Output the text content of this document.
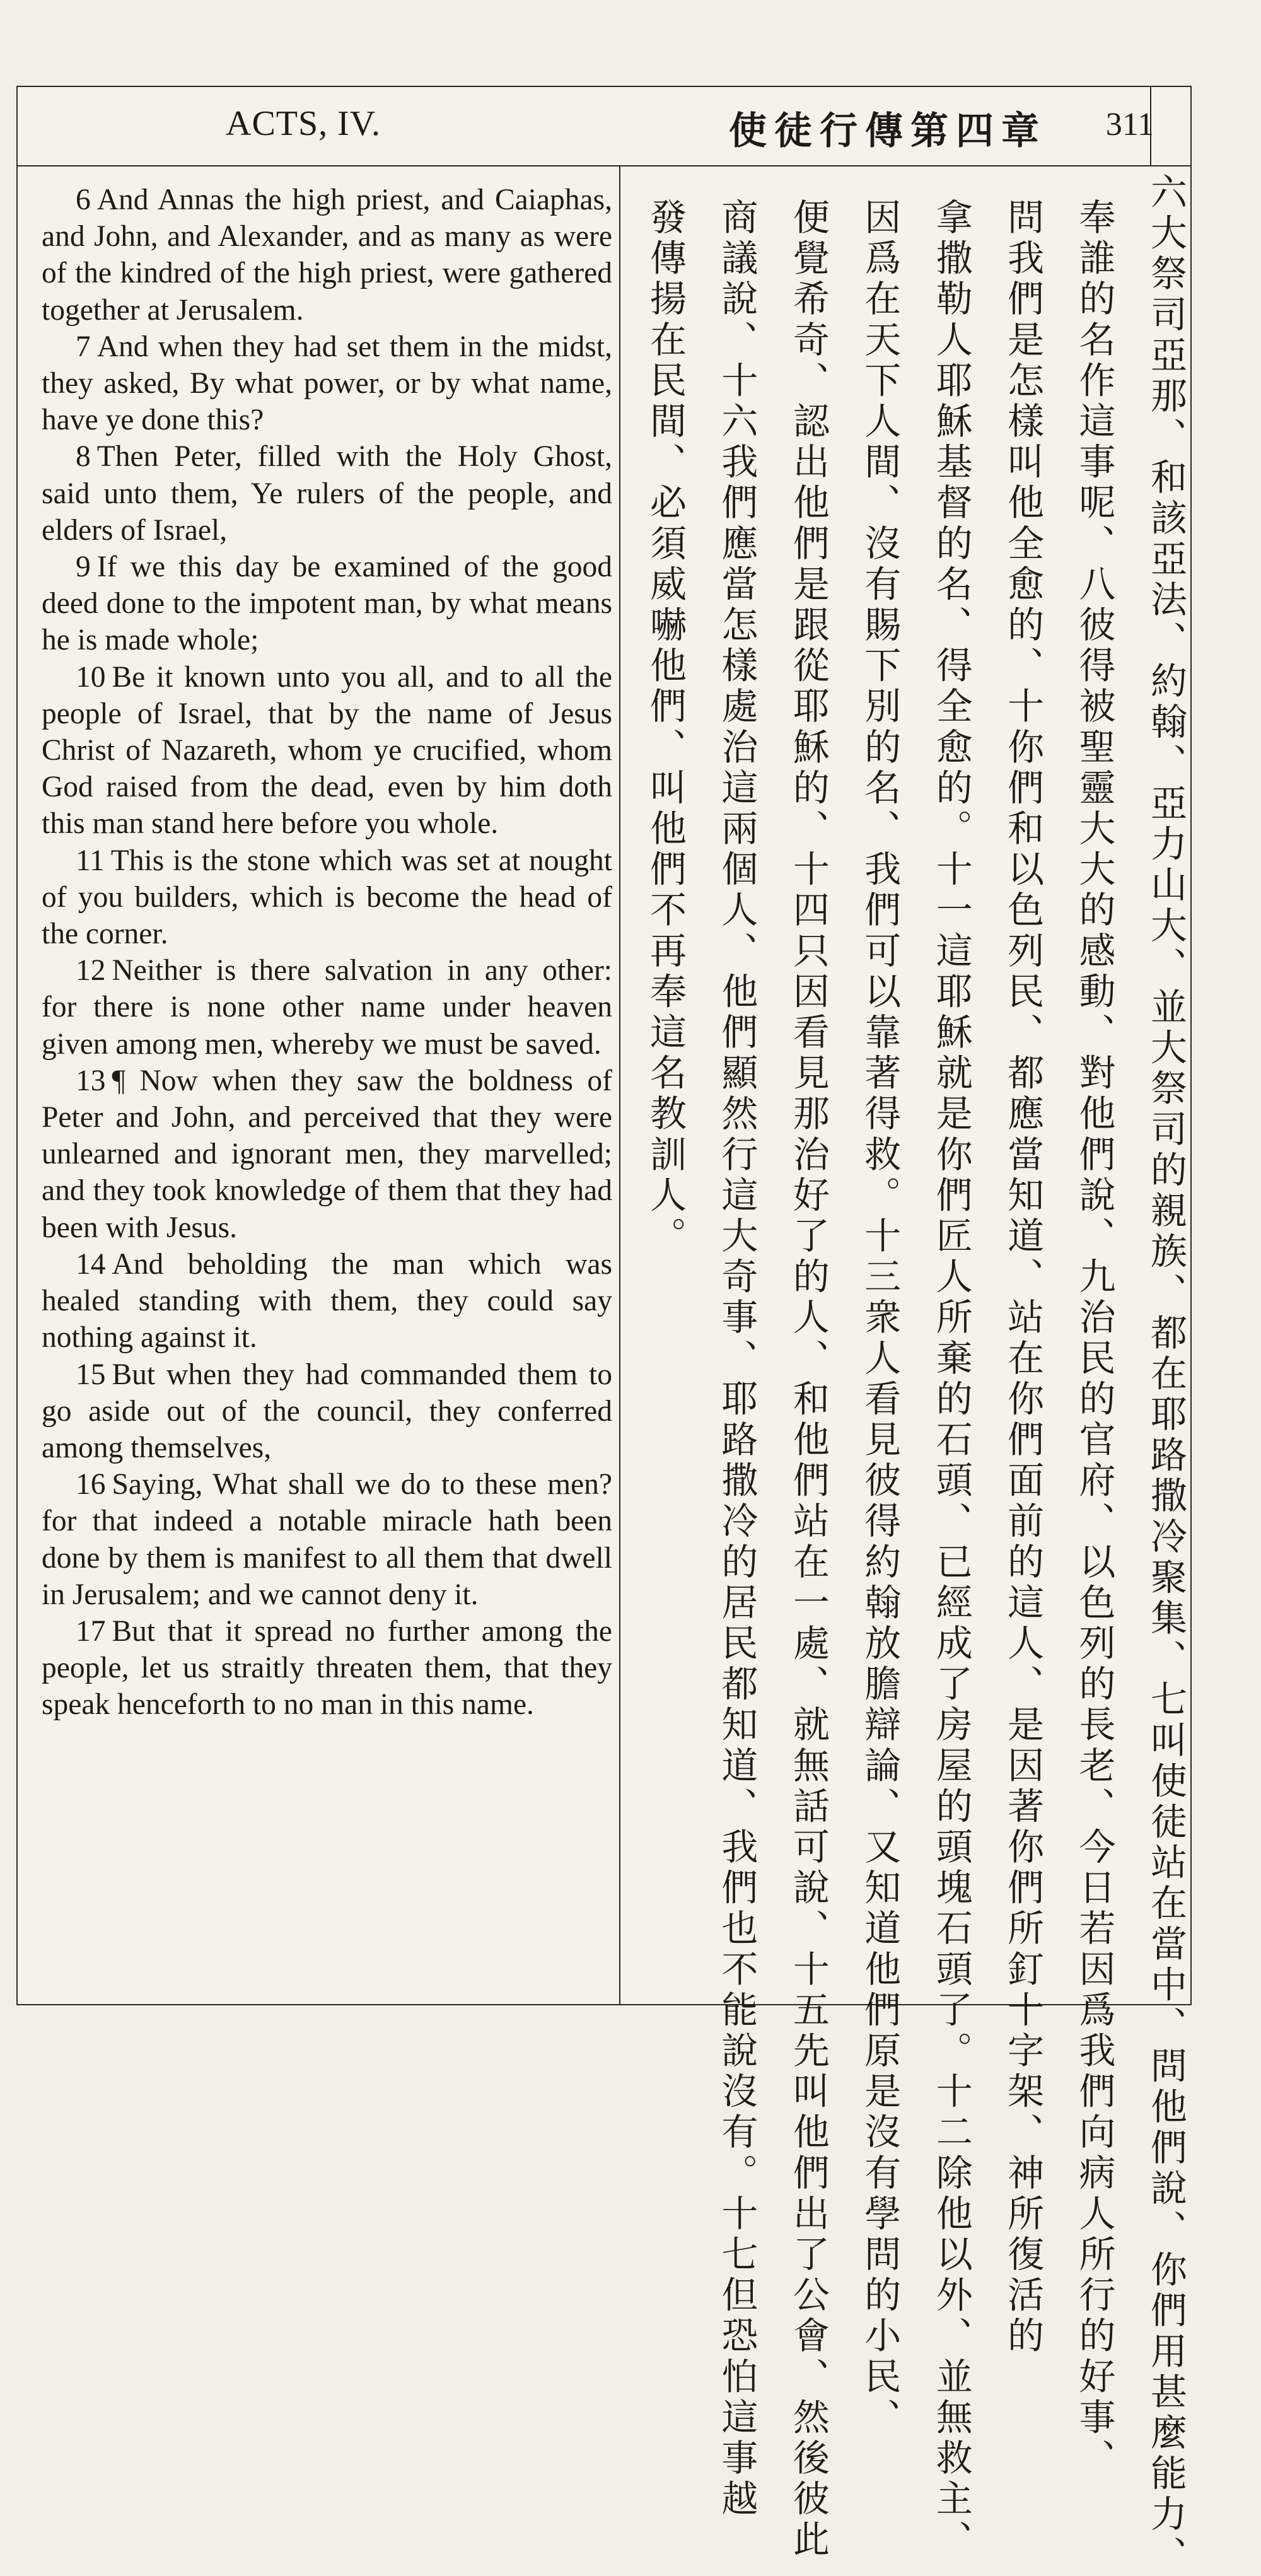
ACTS, IV.	使徒行傳第四章 311

6 And Annas the high priest, and Caiaphas, and John, and Alexander, and as many as were of the kindred of the high priest, were gathered together at Jerusalem.

7 And when they had set them in the midst, they asked, By what power, or by what name, have ye done this?

8 Then Peter, filled with the Holy Ghost, said unto them, Ye rulers of the people, and elders of Israel,

9 If we this day be examined of the good deed done to the impotent man, by what means he is made whole;

10 Be it known unto you all, and to all the people of Israel, that by the name of Jesus Christ of Nazareth, whom ye crucified, whom God raised from the dead, even by him doth this man stand here before you whole.

11 This is the stone which was set at nought of you builders, which is become the head of the corner.

12 Neither is there salvation in any other: for there is none other name under heaven given among men, whereby we must be saved.

13 ¶ Now when they saw the boldness of Peter and John, and perceived that they were unlearned and ignorant men, they marvelled; and they took knowledge of them that they had been with Jesus.

14 And beholding the man which was healed standing with them, they could say nothing against it.

15 But when they had commanded them to go aside out of the council, they conferred among themselves,

16 Saying, What shall we do to these men? for that indeed a notable miracle hath been done by them is manifest to all them that dwell in Jerusalem; and we cannot deny it.

17 But that it spread no further among the people, let us straitly threaten them, that they speak henceforth to no man in this name.	六大祭司亞那、和該亞法、約翰、亞力山大、並大祭司的親族、都在耶路撒冷聚集、七叫使徒站在當中、問他們說、你們用甚麼能力、
奉誰的名作這事呢、八彼得被聖靈大大的感動、對他們說、九治民的官府、以色列的長老、今日若因爲我們向病人所行的好事、
問我們是怎樣叫他全愈的、十你們和以色列民、都應當知道、站在你們面前的這人、是因著你們所釘十字架、神所復活的
拿撒勒人耶穌基督的名、得全愈的。十一這耶穌就是你們匠人所棄的石頭、已經成了房屋的頭塊石頭了。十二除他以外、並無救主、
因爲在天下人間、沒有賜下別的名、我們可以靠著得救。十三衆人看見彼得約翰放膽辯論、又知道他們原是沒有學問的小民、
便覺希奇、認出他們是跟從耶穌的、十四只因看見那治好了的人、和他們站在一處、就無話可說、十五先叫他們出了公會、然後彼此
商議說、十六我們應當怎樣處治這兩個人、他們顯然行這大奇事、耶路撒冷的居民都知道、我們也不能說沒有。十七但恐怕這事越
發傳揚在民間、必須威嚇他們、叫他們不再奉這名教訓人。
